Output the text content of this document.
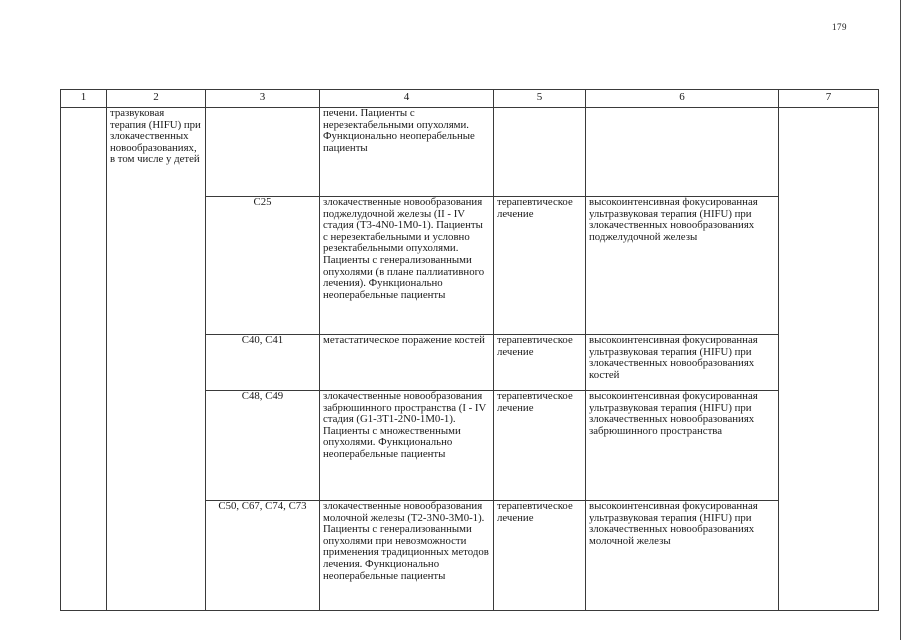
179
1	2	3	4	5	6	7
	тразвуковая терапия (HIFU) при злокачественных новообразованиях, в том числе у детей		печени. Пациенты с нерезектабельными опухолями. Функционально неоперабельные пациенты			
		C25	злокачественные новообразования поджелудочной железы (II - IV стадия (T3-4N0-1M0-1). Пациенты с нерезектабельными и условно резектабельными опухолями. Пациенты с генерализованными опухолями (в плане паллиативного лечения). Функционально неоперабельные пациенты	терапевтическое лечение	высокоинтенсивная фокусированная ультразвуковая терапия (HIFU) при злокачественных новообразованиях поджелудочной железы	
		C40, C41	метастатическое поражение костей	терапевтическое лечение	высокоинтенсивная фокусированная ультразвуковая терапия (HIFU) при злокачественных новообразованиях костей	
		C48, C49	злокачественные новообразования забрюшинного пространства (I - IV стадия (G1-3T1-2N0-1M0-1). Пациенты с множественными опухолями. Функционально неоперабельные пациенты	терапевтическое лечение	высокоинтенсивная фокусированная ультразвуковая терапия (HIFU) при злокачественных новообразованиях забрюшинного пространства	
		C50, C67, C74, C73	злокачественные новообразования молочной железы (T2-3N0-3M0-1). Пациенты с генерализованными опухолями при невозможности применения традиционных методов лечения. Функционально неоперабельные пациенты	терапевтическое лечение	высокоинтенсивная фокусированная ультразвуковая терапия (HIFU) при злокачественных новообразованиях молочной железы	
